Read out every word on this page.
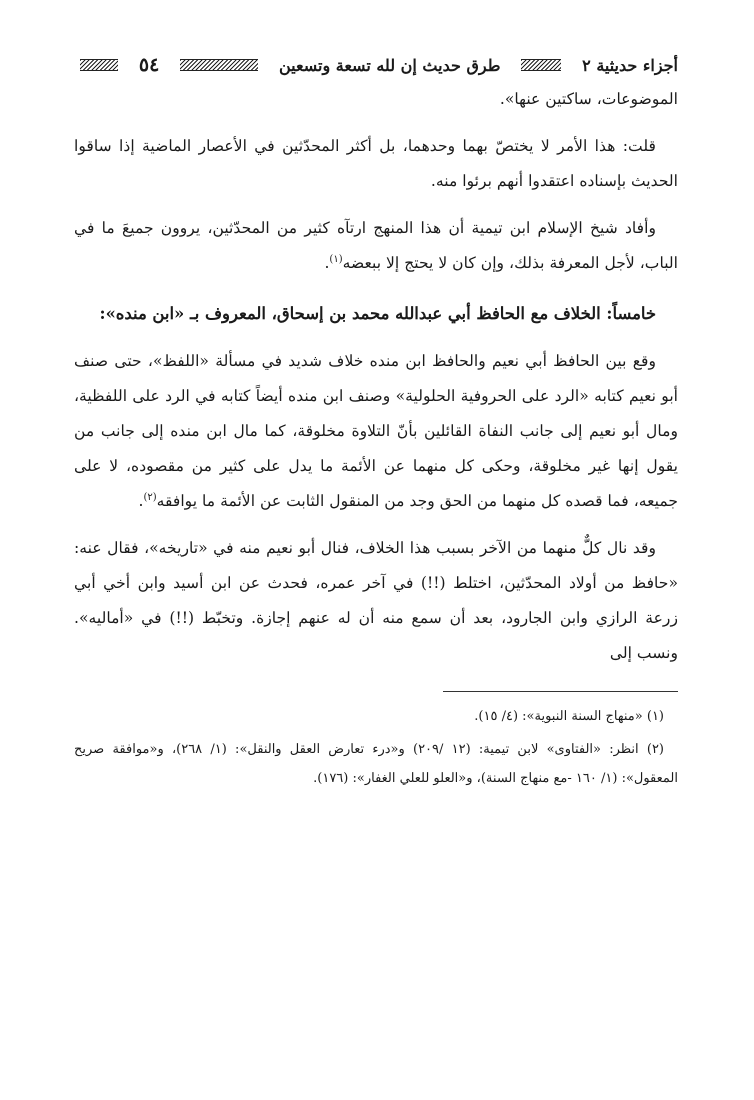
أجزاء حديثية ٢
طرق حديث إن لله تسعة وتسعين
٥٤

الموضوعات، ساكتين عنها».

قلت: هذا الأمر لا يختصّ بهما وحدهما، بل أكثر المحدّثين في الأعصار الماضية إذا ساقوا الحديث بإسناده اعتقدوا أنهم برئوا منه.

وأفاد شيخ الإسلام ابن تيمية أن هذا المنهج ارتآه كثير من المحدّثين، يروون جميعَ ما في الباب، لأجل المعرفة بذلك، وإن كان لا يحتج إلا ببعضه$^{(١)}$.

خامساً: الخلاف مع الحافظ أبي عبدالله محمد بن إسحاق، المعروف بـ «ابن منده»:

وقع بين الحافظ أبي نعيم والحافظ ابن منده خلاف شديد في مسألة «اللفظ»، حتى صنف أبو نعيم كتابه «الرد على الحروفية الحلولية» وصنف ابن منده أيضاً كتابه في الرد على اللفظية، ومال أبو نعيم إلى جانب النفاة القائلين بأنّ التلاوة مخلوقة، كما مال ابن منده إلى جانب من يقول إنها غير مخلوقة، وحكى كل منهما عن الأئمة ما يدل على كثير من مقصوده، لا على جميعه، فما قصده كل منهما من الحق وجد من المنقول الثابت عن الأئمة ما يوافقه$^{(٢)}$.

وقد نال كلٌّ منهما من الآخر بسبب هذا الخلاف، فنال أبو نعيم منه في «تاريخه»، فقال عنه: «حافظ من أولاد المحدّثين، اختلط (!!) في آخر عمره، فحدث عن ابن أسيد وابن أخي أبي زرعة الرازي وابن الجارود، بعد أن سمع منه أن له عنهم إجازة. وتخبّط (!!) في «أماليه». ونسب إلى

(١) «منهاج السنة النبوية»: (٤/ ١٥).

(٢) انظر: «الفتاوى» لابن تيمية: (١٢ /٢٠٩) و«درء تعارض العقل والنقل»: (١/ ٢٦٨)، و«موافقة صريح المعقول»: (١/ ١٦٠ -مع منهاج السنة)، و«العلو للعلي الغفار»: (١٧٦).
